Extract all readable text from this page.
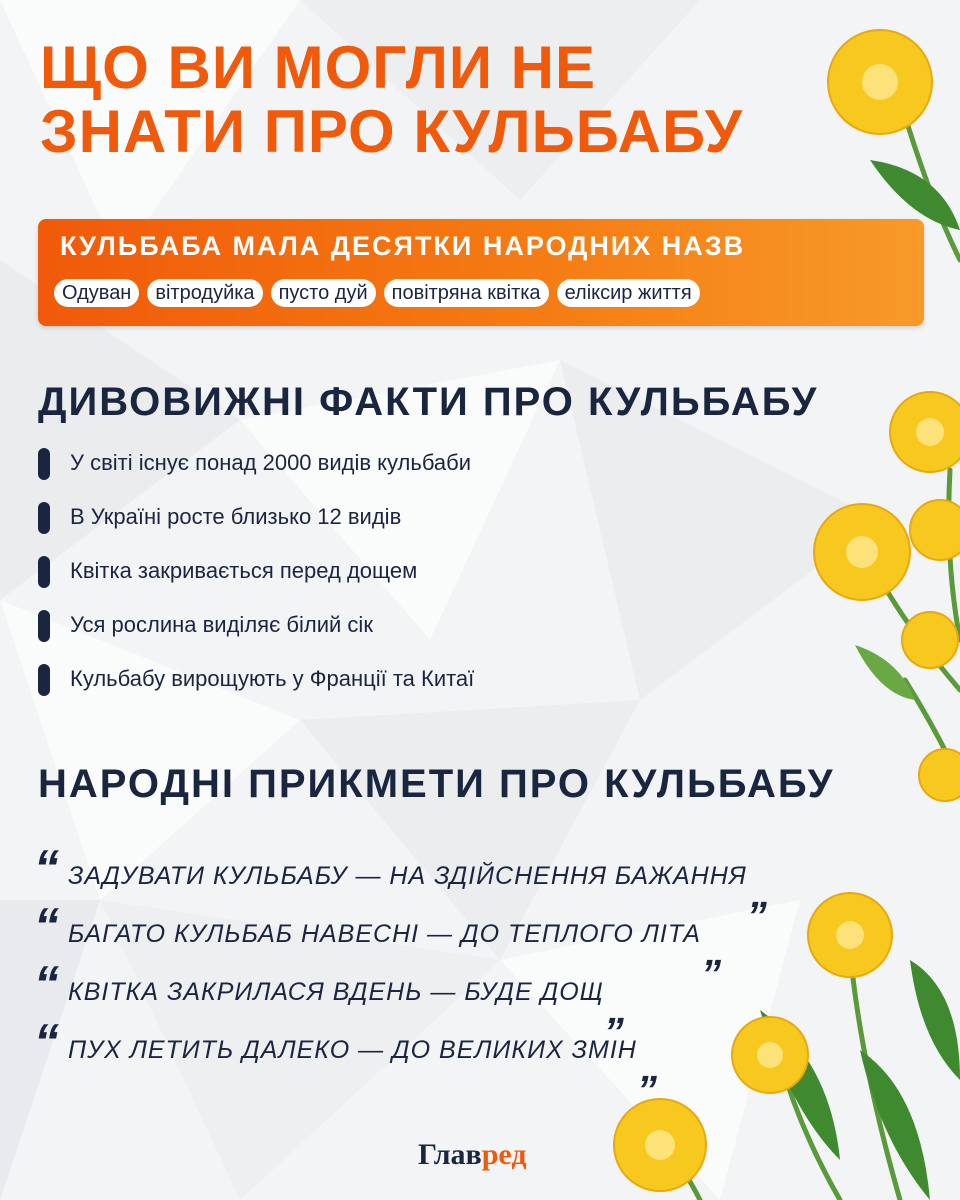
ЩО ВИ МОГЛИ НЕ
ЗНАТИ ПРО КУЛЬБАБУ
КУЛЬБАБА МАЛА ДЕСЯТКИ НАРОДНИХ НАЗВ
Одуван	вітродуйка	пусто дуй	повітряна квітка	еліксир життя
ДИВОВИЖНІ ФАКТИ ПРО КУЛЬБАБУ
У світі існує понад 2000 видів кульбаби
В Україні росте близько 12 видів
Квітка закривається перед дощем
Уся рослина виділяє білий сік
Кульбабу вирощують у Франції та Китаї
НАРОДНІ ПРИКМЕТИ ПРО КУЛЬБАБУ
“ ЗАДУВАТИ КУЛЬБАБУ — НА ЗДІЙСНЕННЯ БАЖАННЯ „
“ БАГАТО КУЛЬБАБ НАВЕСНІ — ДО ТЕПЛОГО ЛІТА „
“ КВІТКА ЗАКРИЛАСЯ ВДЕНЬ — БУДЕ ДОЩ „
“ ПУХ ЛЕТИТЬ ДАЛЕКО — ДО ВЕЛИКИХ ЗМІН „

Главред
